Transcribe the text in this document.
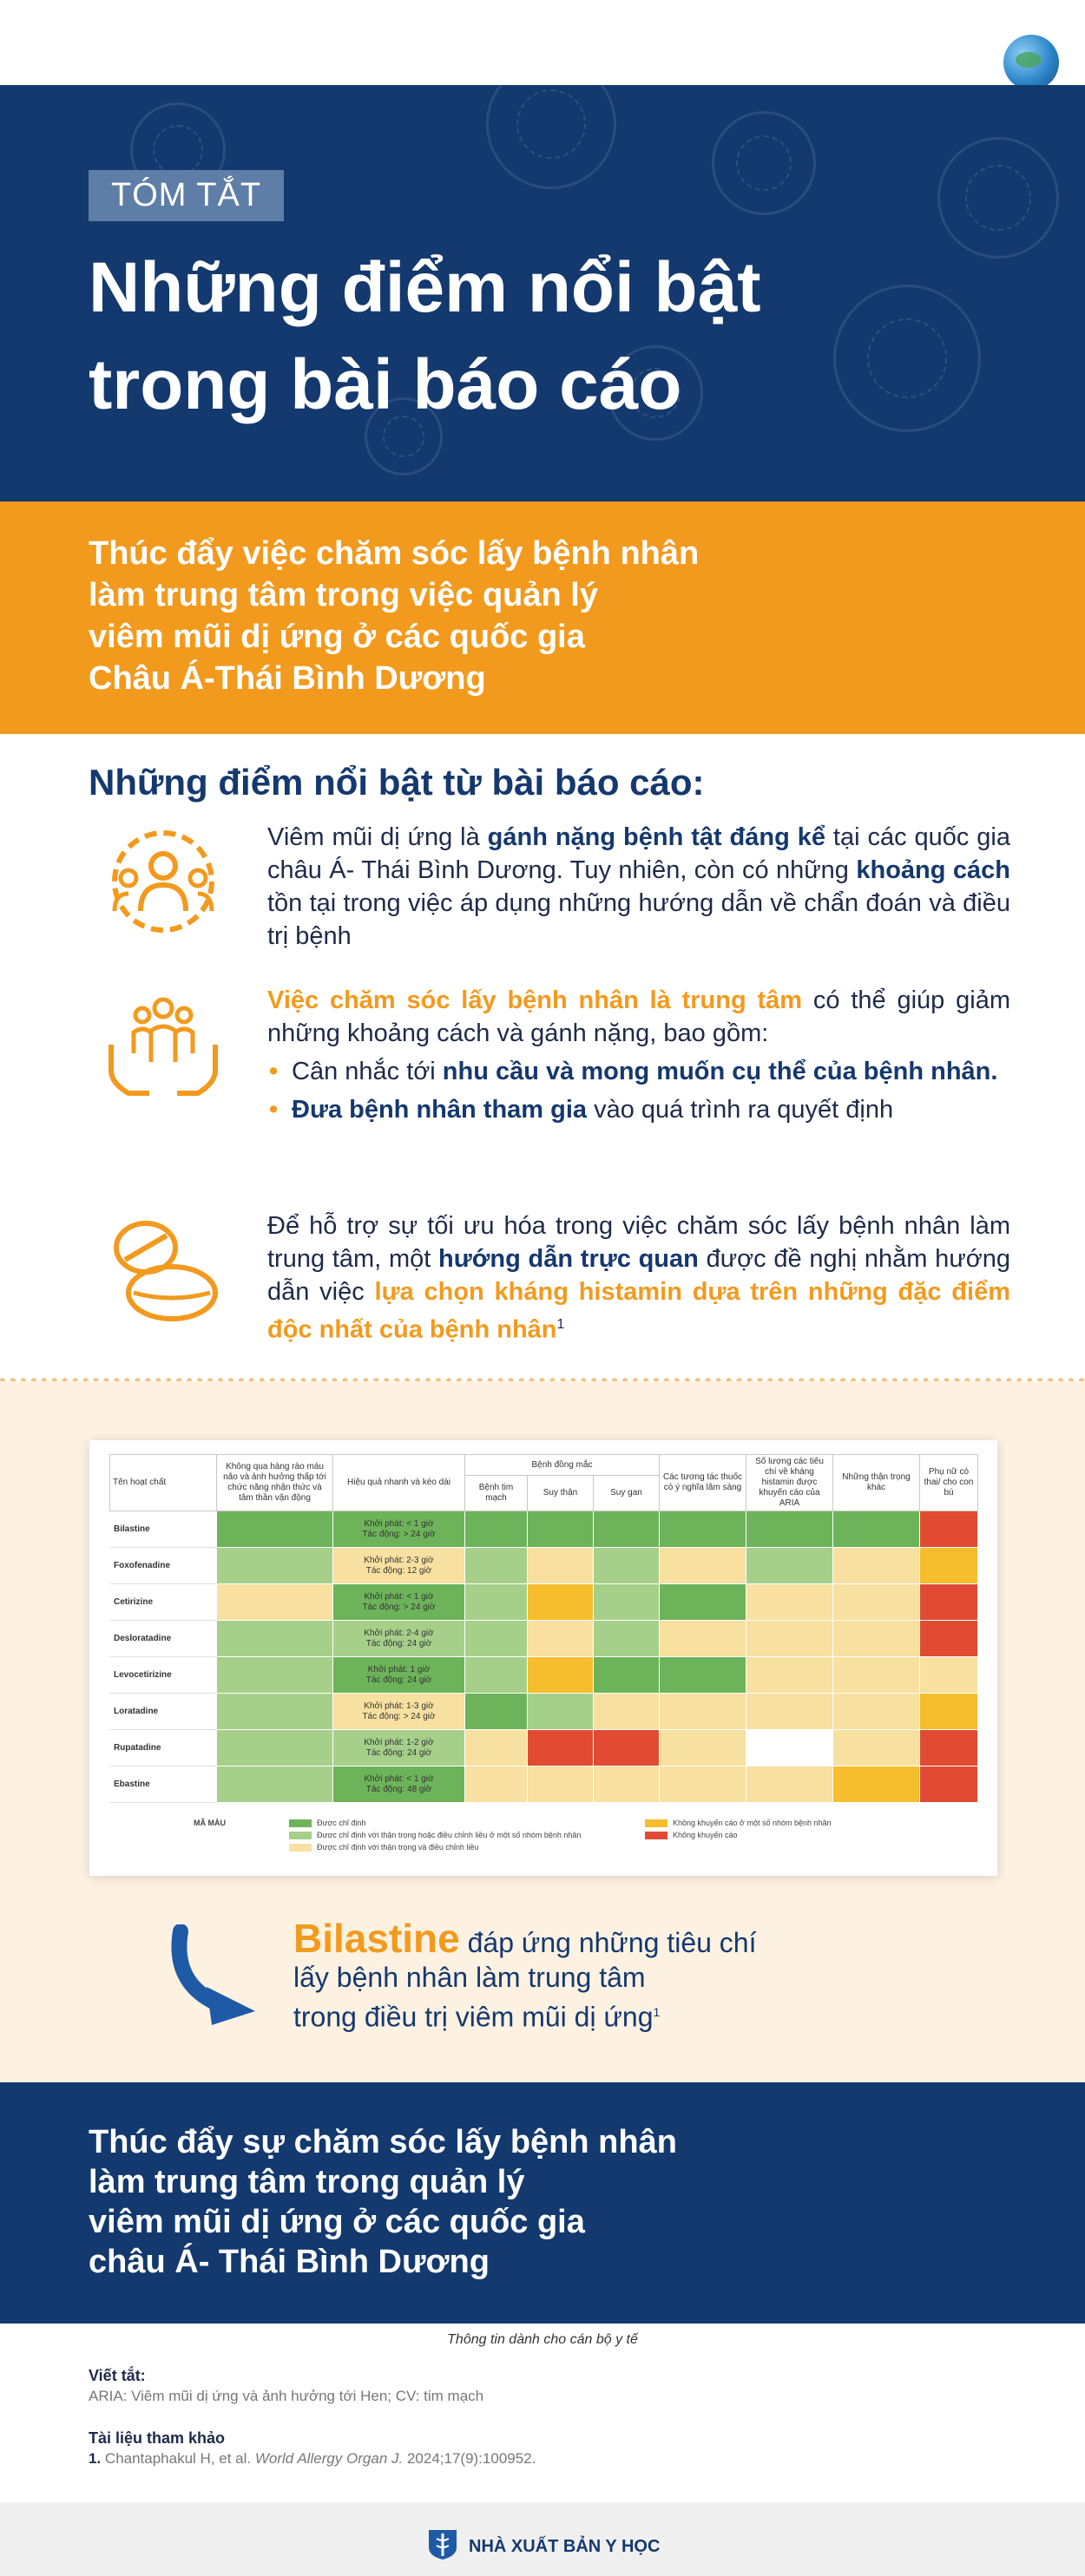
TÓM TẮT
Những điểm nổi bật
trong bài báo cáo
Thúc đẩy việc chăm sóc lấy bệnh nhân
làm trung tâm trong việc quản lý
viêm mũi dị ứng ở các quốc gia
Châu Á-Thái Bình Dương
Những điểm nổi bật từ bài báo cáo:
Viêm mũi dị ứng là gánh nặng bệnh tật đáng kể tại các quốc gia châu Á- Thái Bình Dương. Tuy nhiên, còn có những khoảng cách tồn tại trong việc áp dụng những hướng dẫn về chẩn đoán và điều trị bệnh
Việc chăm sóc lấy bệnh nhân là trung tâm có thể giúp giảm những khoảng cách và gánh nặng, bao gồm:
• Cân nhắc tới nhu cầu và mong muốn cụ thể của bệnh nhân.
• Đưa bệnh nhân tham gia vào quá trình ra quyết định
Để hỗ trợ sự tối ưu hóa trong việc chăm sóc lấy bệnh nhân làm trung tâm, một hướng dẫn trực quan được đề nghị nhằm hướng dẫn việc lựa chọn kháng histamin dựa trên những đặc điểm độc nhất của bệnh nhân$^1$
Tên hoạt chất	Không qua hàng rào máu não và ảnh hưởng thấp tới chức năng nhận thức và tâm thần vận động	Hiệu quả nhanh và kéo dài	Bệnh đồng mắc			Các tương tác thuốc có ý nghĩa lâm sàng	Số lượng các tiêu chí về kháng histamin được khuyến cáo của ARIA	Những thận trọng khác	Phụ nữ có thai/ cho con bú
			Bệnh tim mạch	Suy thận	Suy gan				
Bilastine		Khởi phát: < 1 giờ
Tác động: > 24 giờ							

Foxofenadine		Khởi phát: 2-3 giờ
Tác động: 12 giờ							

Cetirizine		Khởi phát: < 1 giờ
Tác động: > 24 giờ							

Desloratadine		Khởi phát: 2-4 giờ
Tác động: 24 giờ							

Levocetirizine		Khởi phát: 1 giờ
Tác động: 24 giờ							

Loratadine		Khởi phát: 1-3 giờ
Tác động: > 24 giờ							

Rupatadine		Khởi phát: 1-2 giờ
Tác động: 24 giờ							

Ebastine		Khởi phát: < 1 giờ
Tác động: 48 giờ							

MÃ MÀU	Được chỉ định
Được chỉ định với thận trọng hoặc điều chỉnh liều ở một số nhóm bệnh nhân
Được chỉ định với thận trọng và điều chỉnh liều
Không khuyến cáo ở một số nhóm bệnh nhân
Không khuyến cáo
Bilastine đáp ứng những tiêu chí
lấy bệnh nhân làm trung tâm
trong điều trị viêm mũi dị ứng$^1$
Thúc đẩy sự chăm sóc lấy bệnh nhân
làm trung tâm trong quản lý
viêm mũi dị ứng ở các quốc gia
châu Á- Thái Bình Dương
Thông tin dành cho cán bộ y tế
Viết tắt:
ARIA: Viêm mũi dị ứng và ảnh hưởng tới Hen; CV: tim mạch
Tài liệu tham khảo
1. Chantaphakul H, et al. World Allergy Organ J. 2024;17(9):100952.
NHÀ XUẤT BẢN Y HỌC
